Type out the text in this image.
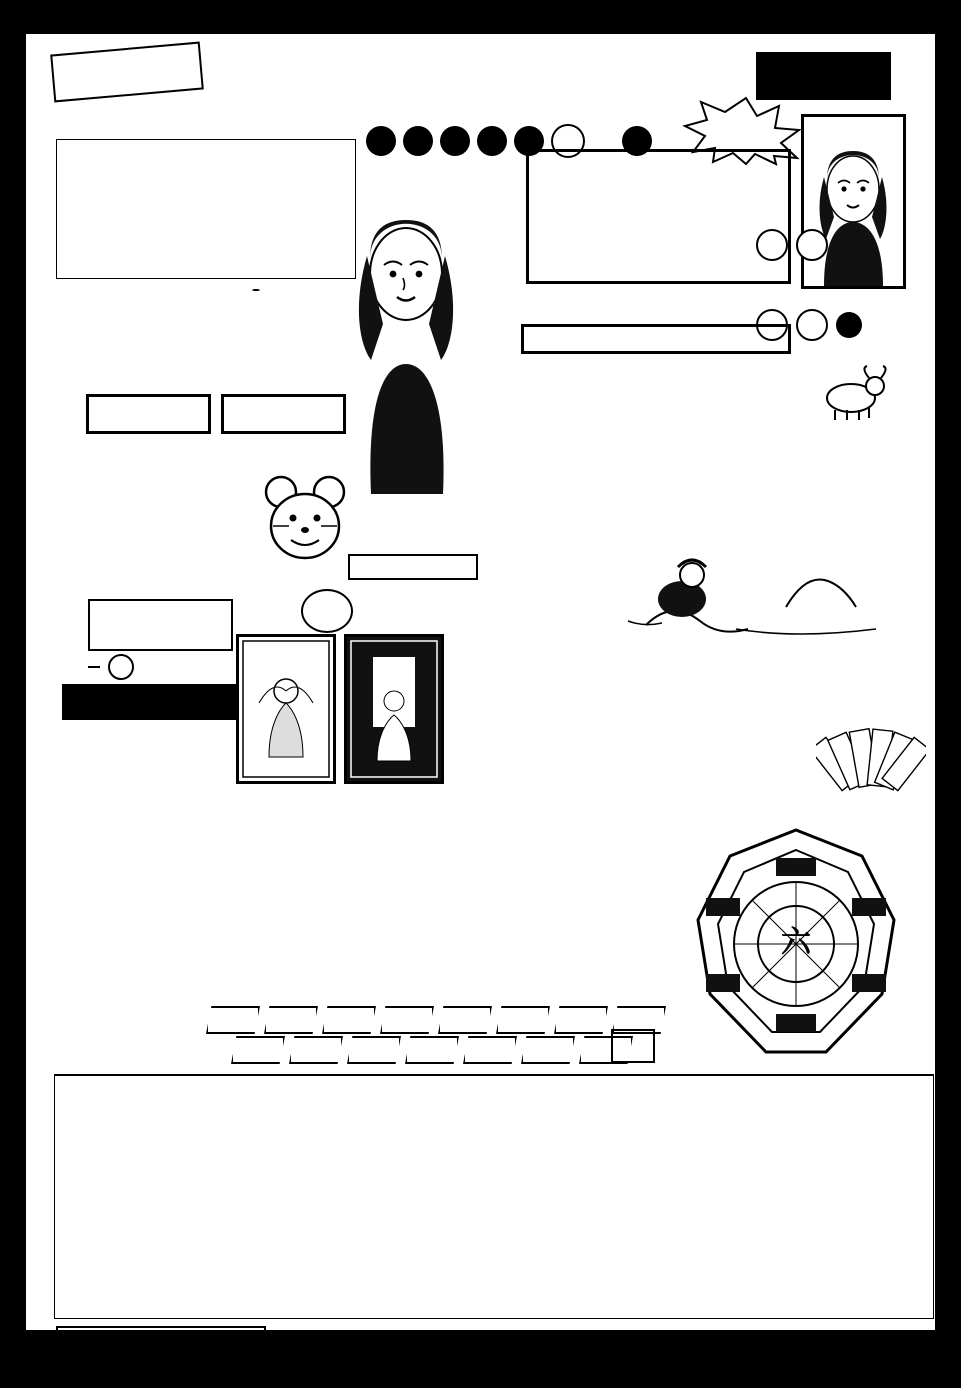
六
